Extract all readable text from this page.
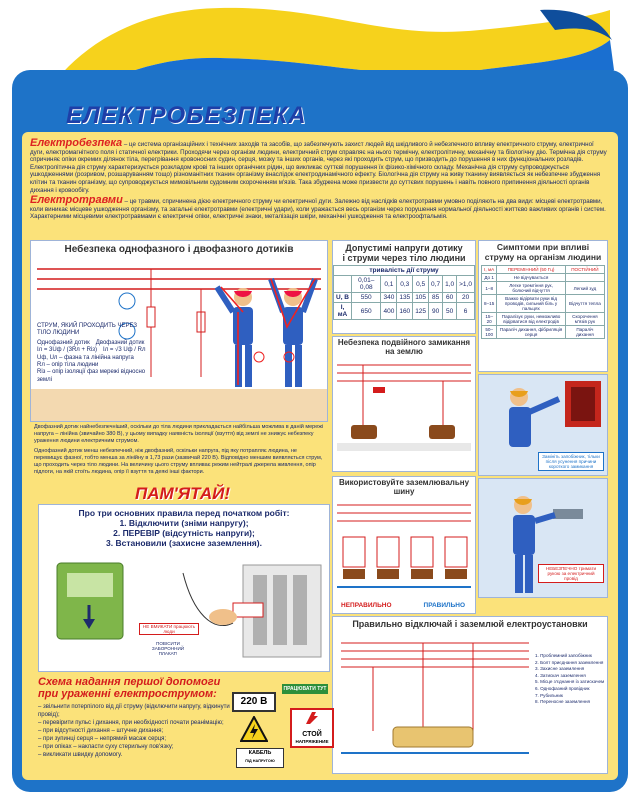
ЕЛЕКТРОБЕЗПЕКА

Електробезпека – це система організаційних і технічних заходів та засобів, що забезпечують захист людей від шкідливого й небезпечного впливу електричного струму, електричної дуги, електромагнітного поля і статичної електрики. Проходячи через організм людини, електричний струм справляє на нього термічну, електролітичну, механічну та біологічну дію. Термічна дія струму спричиняє опіки окремих ділянок тіла, перегрівання кровоносних судин, серця, мозку та інших органів, через які проходить струм, що призводить до порушення в них функціональних розладів. Електролітична дія струму характеризується розкладом крові та інших органічних рідин, що викликає суттєві порушення їх фізико-хімічного складу. Механічна дія струму супроводжується ушкодженнями (розривом, розшаруванням тощо) різноманітних тканин організму внаслідок електродинамічного ефекту. Біологічна дія струму на живу тканину виявляється як небезпечне збудження клітин та тканин організму, що супроводжується мимовільним судомним скороченням м'язів. Така збуджена може призвести до суттєвих порушень і навіть повного припинення діяльності органів дихання і кровообігу.

Електротравми – це травми, спричинена дією електричного струму чи електричної дуги. Залежно від наслідків електротравми умовно поділяють на два види: місцеві електротравми, коли виникає місцеве ушкодження організму, та загальні електротравми (електричні удари), коли уражається весь організм через порушення нормальної діяльності життєво важливих органів і систем. Характерними місцевими електротравмами є електричні опіки, електричні знаки, металізація шкіри, механічні ушкодження та електроофтальмія.

Небезпека однофазного і двофазного дотиків
СТРУМ, ЯКИЙ ПРОХОДИТЬ ЧЕРЕЗ ТІЛО ЛЮДИНИ
Однофазний дотик Двофазний дотик
Iл = 3Uф / (3Rл + Rіз) Iл = √3 Uф / Rл
Uф, Uл – фазна та лінійна напруга
Rл – опір тіла людини
Rіз – опір ізоляції фаз мережі відносно землі

Двофазний дотик найнебезпечніший, оскільки до тіла людини прикладається найбільша можлива в даній мережі напруга – лінійна (звичайно 380 В), у цьому випадку наявність ізоляції (взуття) від землі не знижує небезпеку ураження людини електричним струмом.

Однофазний дотик менш небезпечний, ніж двофазний, оскільки напруга, під яку потрапляє людина, не перевищує фазної, тобто менша за лінійну в 1,73 рази (зазвичай 220 В). Відповідно меншим виявляється струм, що проходить через тіло людини. На величину цього струму впливає режим нейтралі джерела живлення, опір підлоги, на якій стоїть людина, опір її взуття та деякі інші фактори.

Допустимі напруги дотику
і струми через тіло людини
тривалість дії струму							
	0,01–0,08	0,1	0,3	0,5	0,7	1,0	>1,0
U, B	550	340	135	105	85	60	20
I, мА	650	400	160	125	90	50	6
Небезпека подвійного замикання на землю
Використовуйте заземлювальну шину
НЕПРАВИЛЬНО	ПРАВИЛЬНО
Симптоми при впливі струму на організм людини
I, мА	ПЕРЕМІННИЙ (50 Гц)	ПОСТІЙНИЙ
До 1	Не відчувається	
1–8	Легке тремтіння рук, болючий відчуття	Легкий зуд
8–15	Важко відірвати руки від проводів, сильний біль у пальцях	Відчуття тепла
15–20	Паралізує руки, неможливо відірватися від електродів	Скорочення м'язів рук
50–100	Параліч дихання, фібриляція серця	Параліч дихання
Замініть запобіжник, тільки після усунення причини короткого замикання
НЕБЕЗПЕЧНО тримати рукою за електричний провід
ПАМ'ЯТАЙ!
Про три основних правила перед початком робіт:
1. Відключити (зніми напругу);
2. ПЕРЕВІР (відсутність напруги);
3. Встановили (захисне заземлення).
НЕ ВМИКАТИ працюють люди
ПОВІСИТИ ЗАБОРОННИЙ ПЛАКАТ!
Правильно відключай і заземлюй електроустановки
1. Проблемний запобіжник
2. Болт приєднання заземлення
3. Захисне заземлення
4. Затискач заземлення
5. Місце з'єднання із затискачем
6. Однофазний провідник
7. Рубильник
8. Переносне заземлення
220 В
ПРАЦЮВАТИ ТУТ
СТОЙ
НАПРЯЖЕНИЕ
КАБЕЛЬ
ПІД НАПРУГОЮ
Схема надання першої допомоги при ураженні електрострумом:
– звільнити потерпілого від дії струму (відключити напругу, відкинути провід);
– перевірити пульс і дихання, при необхідності почати реанімацію;
– при відсутності дихання – штучне дихання;
– при зупинці серця – непрямий масаж серця;
– при опіках – накласти суху стерильну пов'язку;
– викликати швидку допомогу.
